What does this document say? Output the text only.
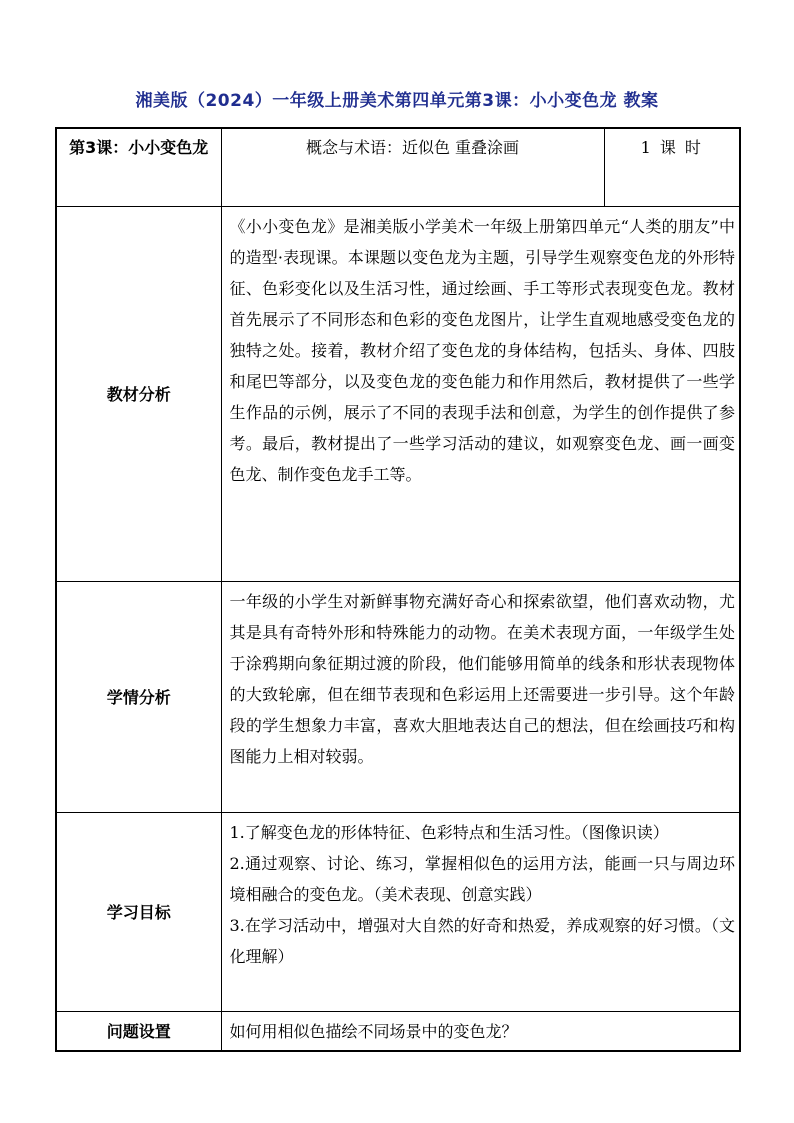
湘美版（2024）一年级上册美术第四单元第3课：小小变色龙 教案
第3课：小小变色龙	概念与术语：近似色 重叠涂画	1 课 时
教材分析	《小小变色龙》是湘美版小学美术一年级上册第四单元“人类的朋友”中的造型·表现课。本课题以变色龙为主题，引导学生观察变色龙的外形特征、色彩变化以及生活习性，通过绘画、手工等形式表现变色龙。教材首先展示了不同形态和色彩的变色龙图片，让学生直观地感受变色龙的独特之处。接着，教材介绍了变色龙的身体结构，包括头、身体、四肢和尾巴等部分，以及变色龙的变色能力和作用然后，教材提供了一些学生作品的示例，展示了不同的表现手法和创意，为学生的创作提供了参考。最后，教材提出了一些学习活动的建议，如观察变色龙、画一画变色龙、制作变色龙手工等。	
学情分析	一年级的小学生对新鲜事物充满好奇心和探索欲望，他们喜欢动物，尤其是具有奇特外形和特殊能力的动物。在美术表现方面，一年级学生处于涂鸦期向象征期过渡的阶段，他们能够用简单的线条和形状表现物体的大致轮廓，但在细节表现和色彩运用上还需要进一步引导。这个年龄段的学生想象力丰富，喜欢大胆地表达自己的想法，但在绘画技巧和构图能力上相对较弱。	
学习目标	1.了解变色龙的形体特征、色彩特点和生活习性。（图像识读）

2.通过观察、讨论、练习，掌握相似色的运用方法，能画一只与周边环境相融合的变色龙。（美术表现、创意实践）

3.在学习活动中，增强对大自然的好奇和热爱，养成观察的好习惯。（文化理解）	

问题设置	如何用相似色描绘不同场景中的变色龙？	
